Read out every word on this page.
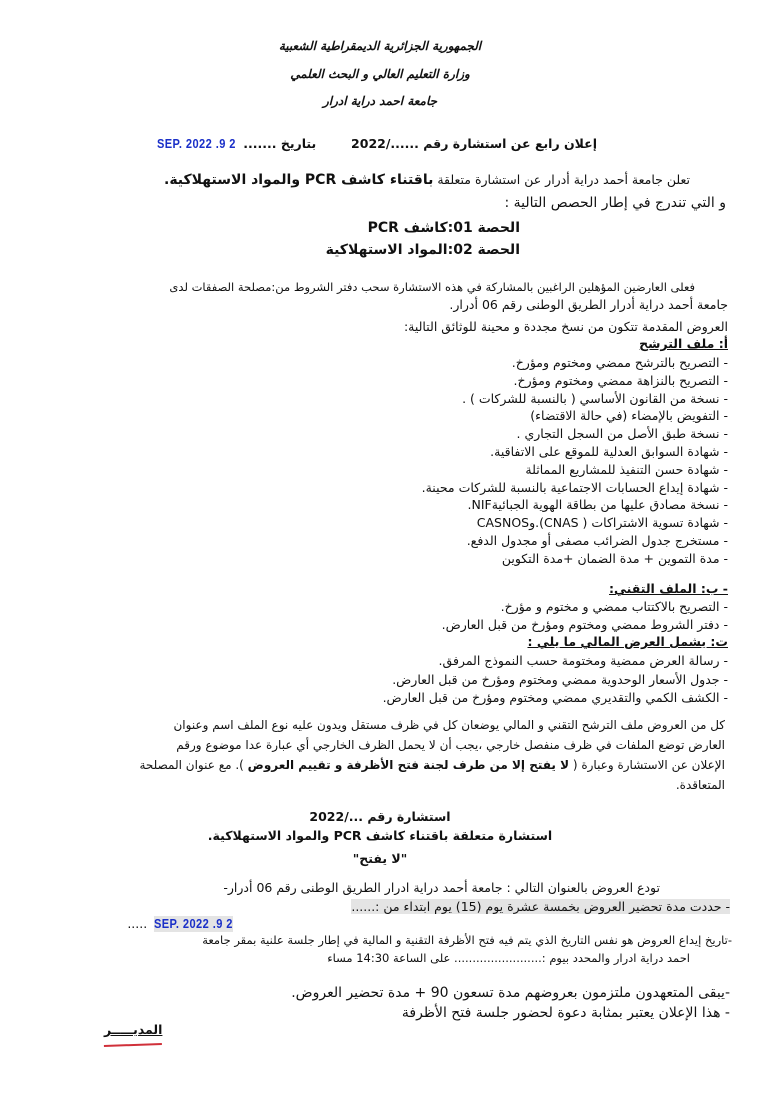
الجمهورية الجزائرية الديمقراطية الشعبية
وزارة التعليم العالي و البحث العلمي
جامعة احمد دراية ادرار
إعلان رابع عن استشارة رقم ....../2022        بتاريخ .......2 9. SEP. 2022
تعلن جامعة أحمد دراية أدرار عن استشارة متعلقة باقتناء كاشف PCR والمواد الاستهلاكية.
و التي تندرج في إطار الحصص التالية :
الحصة 01:كاشف PCR
الحصة 02:المواد الاستهلاكية
فعلى العارضين المؤهلين الراغبين بالمشاركة في هذه الاستشارة سحب دفتر الشروط من:مصلحة الصفقات لدى
جامعة أحمد دراية أدرار الطريق الوطنى رقم 06 أدرار.
العروض المقدمة تتكون من نسخ مجددة و محينة للوثائق التالية:
أ: ملف الترشح
- التصريح بالترشح ممضي ومختوم ومؤرخ.
- التصريح بالنزاهة ممضي ومختوم ومؤرخ.
- نسخة من القانون الأساسي ( بالنسبة للشركات ) .
- التفويض بالإمضاء (في حالة الاقتضاء)
- نسخة طبق الأصل من السجل التجاري .
- شهادة السوابق العدلية للموقع على الاتفاقية.
- شهادة حسن التنفيذ للمشاريع المماثلة
- شهادة إيداع الحسابات الاجتماعية بالنسبة للشركات محينة.
- نسخة مصادق عليها من بطاقة الهوية الجبائيةNIF.
- شهادة تسوية الاشتراكات ( CNAS).وCASNOS
- مستخرج جدول الضرائب مصفى أو مجدول الدفع.
- مدة التموين + مدة الضمان +مدة التكوين
- ب: الملف التقني:
- التصريح بالاكتتاب ممضي و مختوم و مؤرخ.
- دفتر الشروط ممضي ومختوم ومؤرخ من قبل العارض.
ت: يشمل العرض المالي ما يلي :
- رسالة العرض ممضية ومختومة حسب النموذج المرفق.
- جدول الأسعار الوحدوية ممضي ومختوم ومؤرخ من قبل العارض.
- الكشف الكمي والتقديري ممضي ومختوم ومؤرخ من قبل العارض.
كل من العروض ملف الترشح التقني و المالي يوضعان كل في ظرف مستقل ويدون عليه نوع الملف اسم وعنوان
العارض توضع الملفات في ظرف منفصل خارجي ،يجب أن لا يحمل الظرف الخارجي أي عبارة عدا موضوع ورقم
الإعلان عن الاستشارة وعبارة ( لا يفتح إلا من طرف لجنة فتح الأظرفة و تقييم العروض ). مع عنوان المصلحة
المتعاقدة.
استشارة رقم .../2022
استشارة متعلقة باقتناء كاشف PCR والمواد الاستهلاكية.
"لا يفتح"
تودع العروض بالعنوان التالي : جامعة أحمد دراية ادرار الطريق الوطنى رقم 06 أدرار-
- حددت مدة تحضير العروض بخمسة عشرة يوم (15) يوم ابتداء من :......
2 9. SEP. 2022.....
-تاريخ إيداع العروض هو نفس التاريخ الذي يتم فيه فتح الأظرفة التقنية و المالية في إطار جلسة علنية بمقر جامعة
احمد دراية ادرار والمحدد بيوم :........................ على الساعة 14:30 مساء
-يبقى المتعهدون ملتزمون بعروضهم مدة تسعون 90 + مدة تحضير العروض.
- هذا الإعلان يعتبر بمثابة دعوة لحضور جلسة فتح الأظرفة
المديـــــر
